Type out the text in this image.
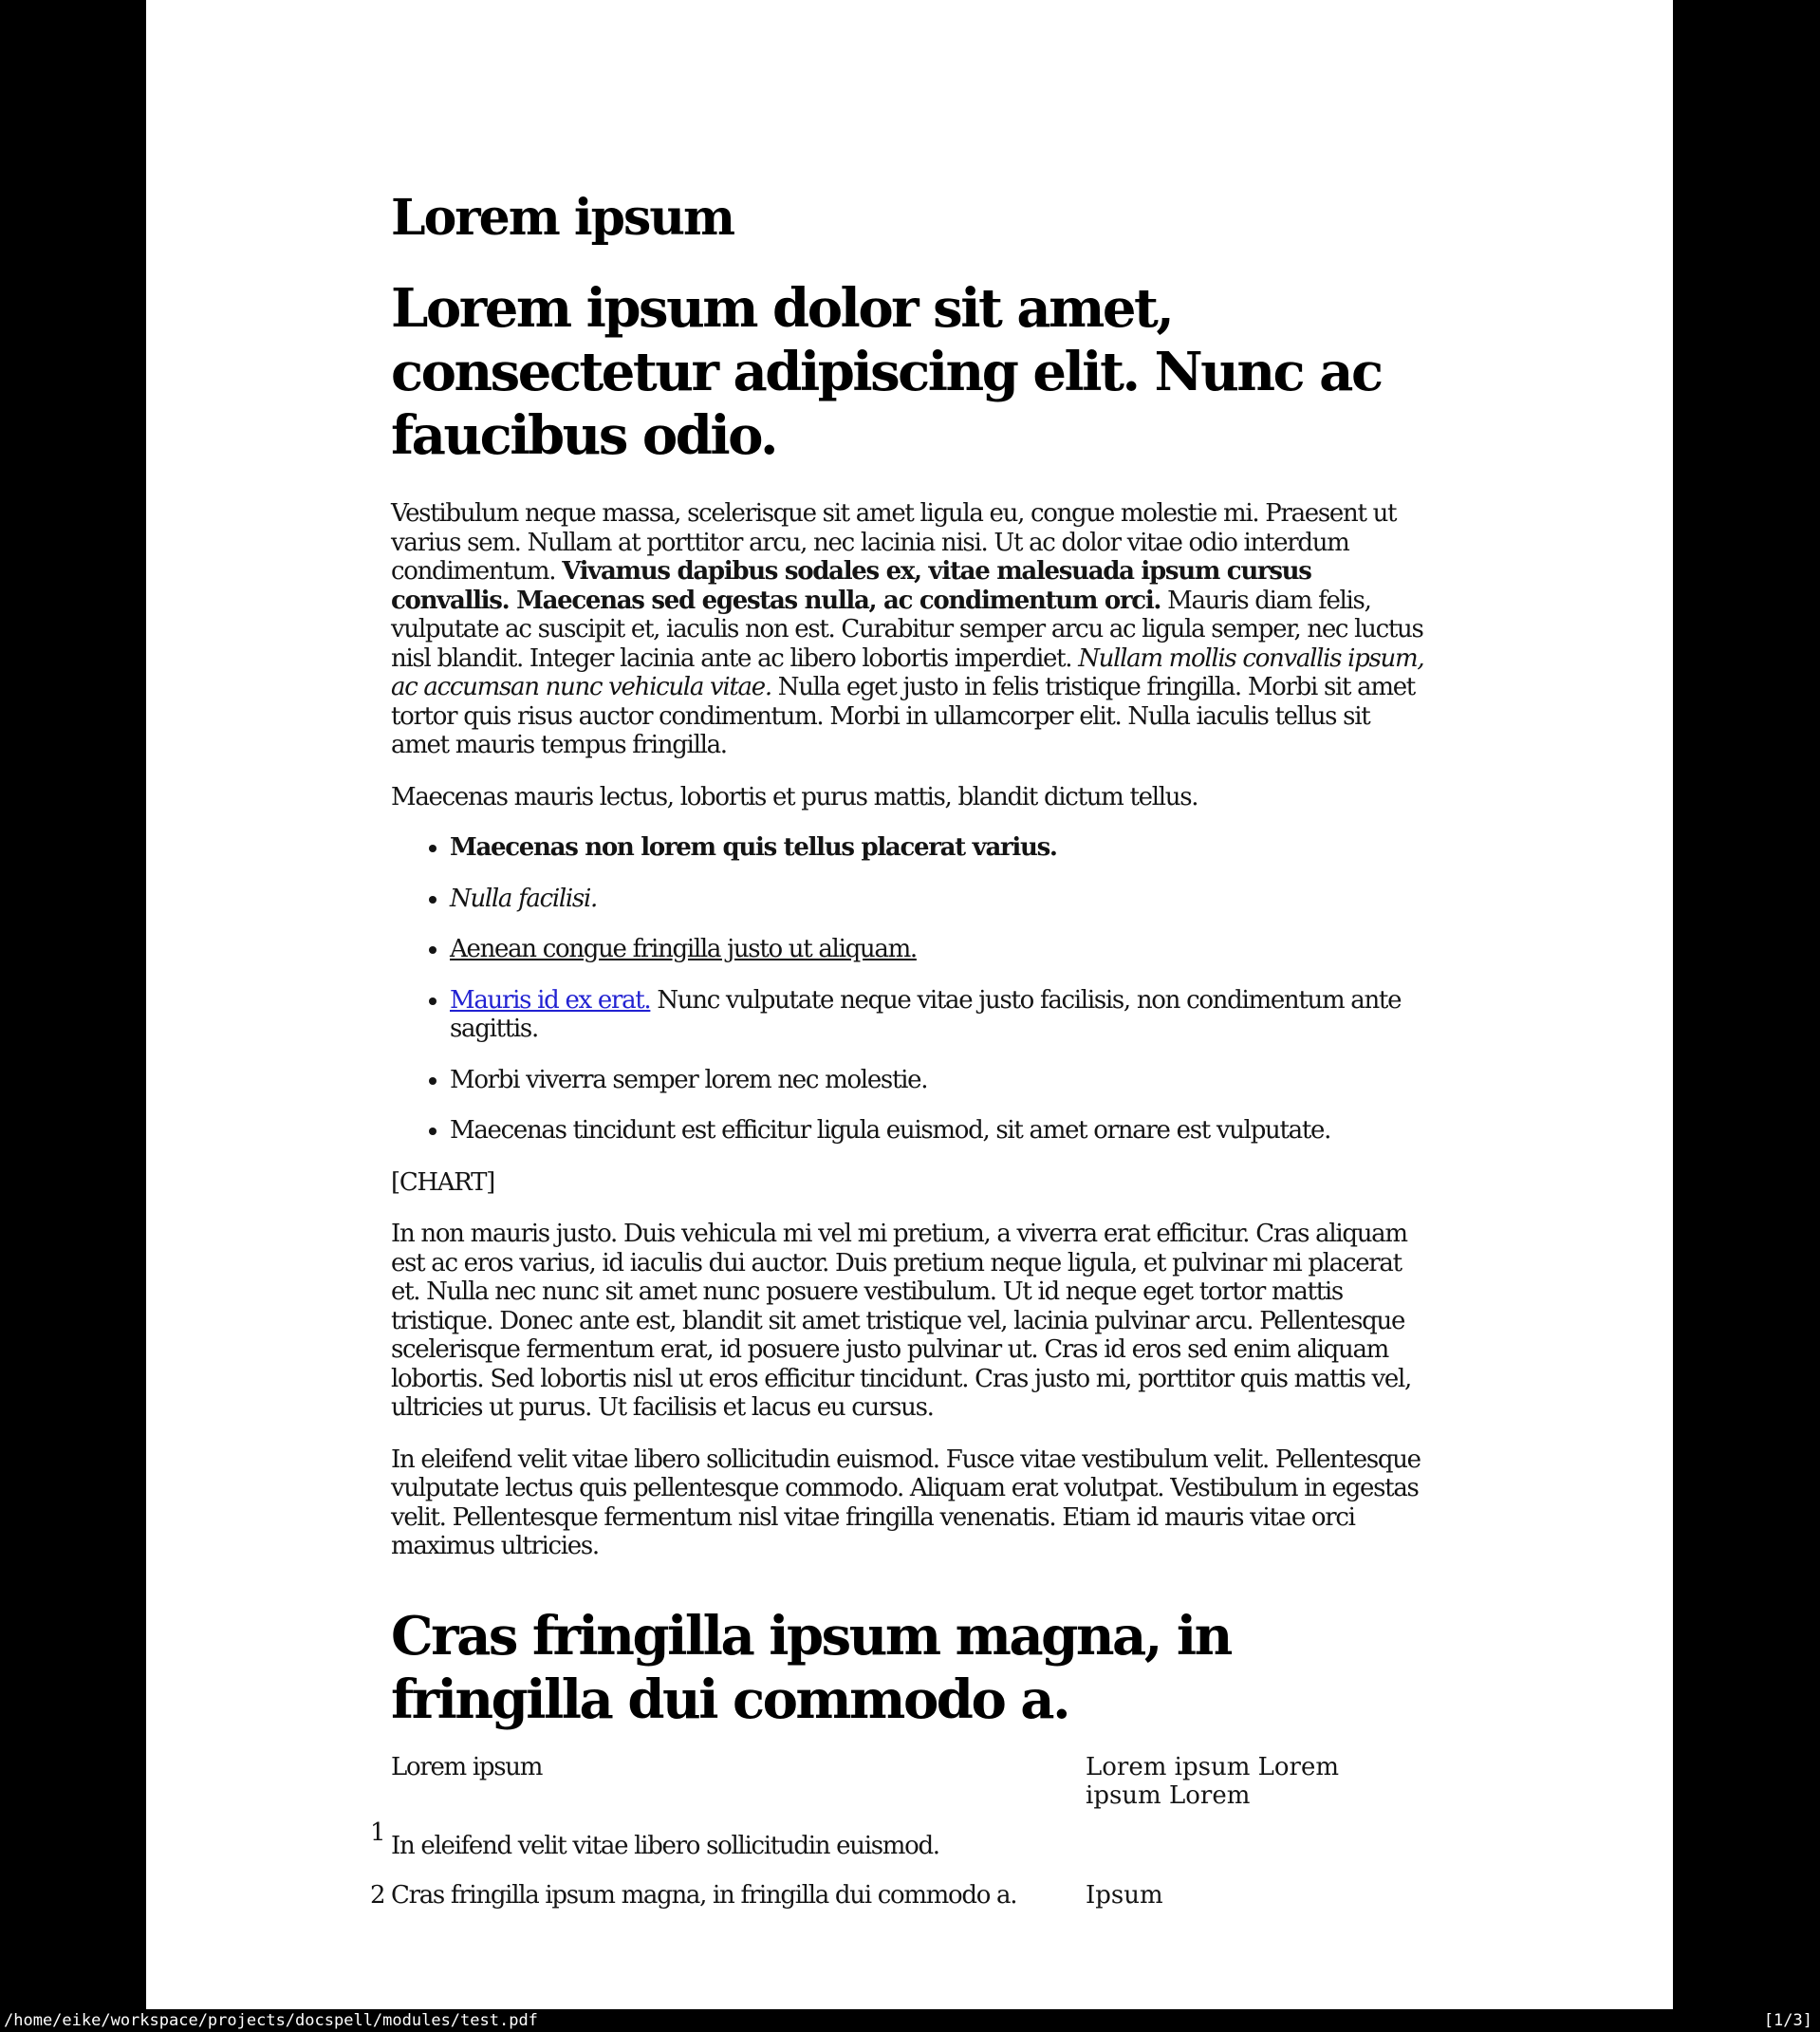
Lorem ipsum
Lorem ipsum dolor sit amet, consectetur adipiscing elit. Nunc ac faucibus odio.

Vestibulum neque massa, scelerisque sit amet ligula eu, congue molestie mi. Praesent ut varius sem. Nullam at porttitor arcu, nec lacinia nisi. Ut ac dolor vitae odio interdum condimentum. Vivamus dapibus sodales ex, vitae malesuada ipsum cursus convallis. Maecenas sed egestas nulla, ac condimentum orci. Mauris diam felis, vulputate ac suscipit et, iaculis non est. Curabitur semper arcu ac ligula semper, nec luctus nisl blandit. Integer lacinia ante ac libero lobortis imperdiet. Nullam mollis convallis ipsum, ac accumsan nunc vehicula vitae. Nulla eget justo in felis tristique fringilla. Morbi sit amet tortor quis risus auctor condimentum. Morbi in ullamcorper elit. Nulla iaculis tellus sit amet mauris tempus fringilla.

Maecenas mauris lectus, lobortis et purus mattis, blandit dictum tellus.

• Maecenas non lorem quis tellus placerat varius.
• Nulla facilisi.
• Aenean congue fringilla justo ut aliquam.
• Mauris id ex erat. Nunc vulputate neque vitae justo facilisis, non condimentum ante sagittis.
• Morbi viverra semper lorem nec molestie.
• Maecenas tincidunt est efficitur ligula euismod, sit amet ornare est vulputate.

[CHART]

In non mauris justo. Duis vehicula mi vel mi pretium, a viverra erat efficitur. Cras aliquam est ac eros varius, id iaculis dui auctor. Duis pretium neque ligula, et pulvinar mi placerat et. Nulla nec nunc sit amet nunc posuere vestibulum. Ut id neque eget tortor mattis tristique. Donec ante est, blandit sit amet tristique vel, lacinia pulvinar arcu. Pellentesque scelerisque fermentum erat, id posuere justo pulvinar ut. Cras id eros sed enim aliquam lobortis. Sed lobortis nisl ut eros efficitur tincidunt. Cras justo mi, porttitor quis mattis vel, ultricies ut purus. Ut facilisis et lacus eu cursus.

In eleifend velit vitae libero sollicitudin euismod. Fusce vitae vestibulum velit. Pellentesque vulputate lectus quis pellentesque commodo. Aliquam erat volutpat. Vestibulum in egestas velit. Pellentesque fermentum nisl vitae fringilla venenatis. Etiam id mauris vitae orci maximus ultricies.

Cras fringilla ipsum magna, in fringilla dui commodo a.
Lorem ipsum	Lorem ipsum Lorem ipsum Lorem
1 In eleifend velit vitae libero sollicitudin euismod.
2 Cras fringilla ipsum magna, in fringilla dui commodo a.	Ipsum
/home/eike/workspace/projects/docspell/modules/test.pdf	[1/3]
